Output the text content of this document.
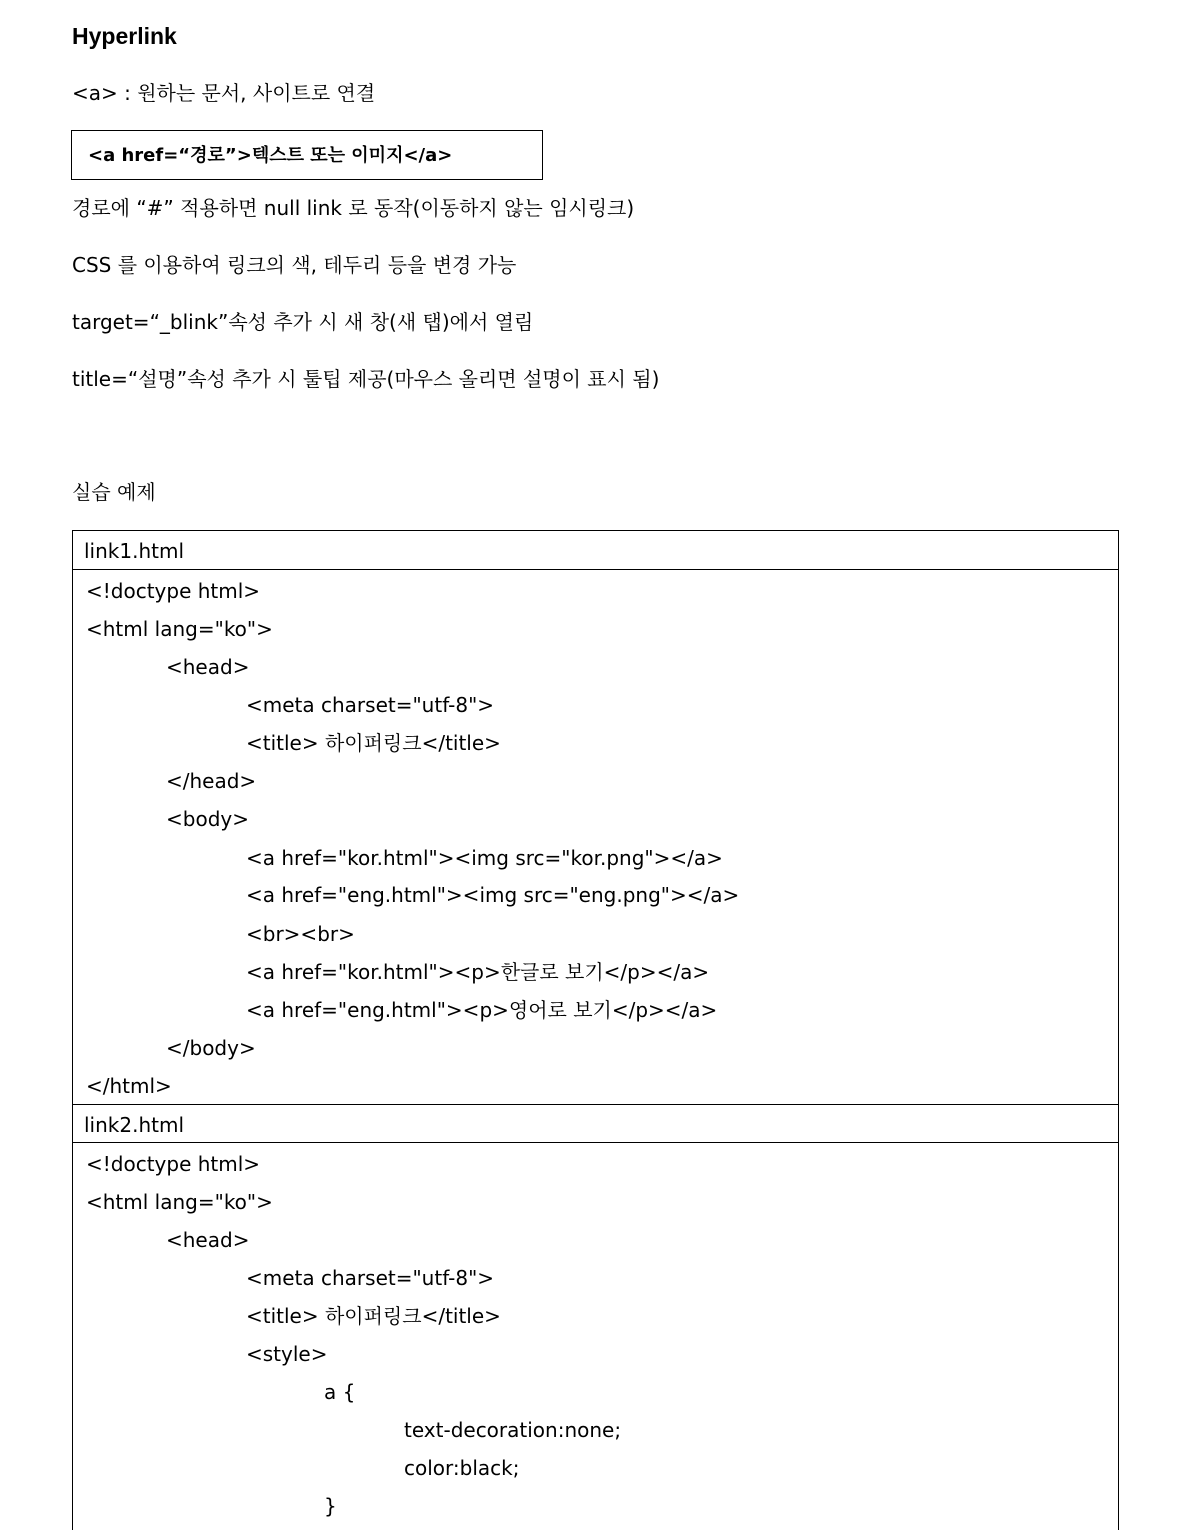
Hyperlink
<a> : 원하는 문서, 사이트로 연결
<a href=“경로”>텍스트 또는 이미지</a>
경로에 “#” 적용하면 null link 로 동작(이동하지 않는 임시링크)
CSS 를 이용하여 링크의 색, 테두리 등을 변경 가능
target=“_blink”속성 추가 시 새 창(새 탭)에서 열림
title=“설명”속성 추가 시 툴팁 제공(마우스 올리면 설명이 표시 됨)
실습 예제
link1.html
<!doctype html>
<html lang="ko">
<head>
<meta charset="utf-8">
<title> 하이퍼링크</title>
</head>
<body>
<a href="kor.html"><img src="kor.png"></a>
<a href="eng.html"><img src="eng.png"></a>
<br><br>
<a href="kor.html"><p>한글로 보기</p></a>
<a href="eng.html"><p>영어로 보기</p></a>
</body>
</html>
link2.html
<!doctype html>
<html lang="ko">
<head>
<meta charset="utf-8">
<title> 하이퍼링크</title>
<style>
a {
text-decoration:none;
color:black;
}
